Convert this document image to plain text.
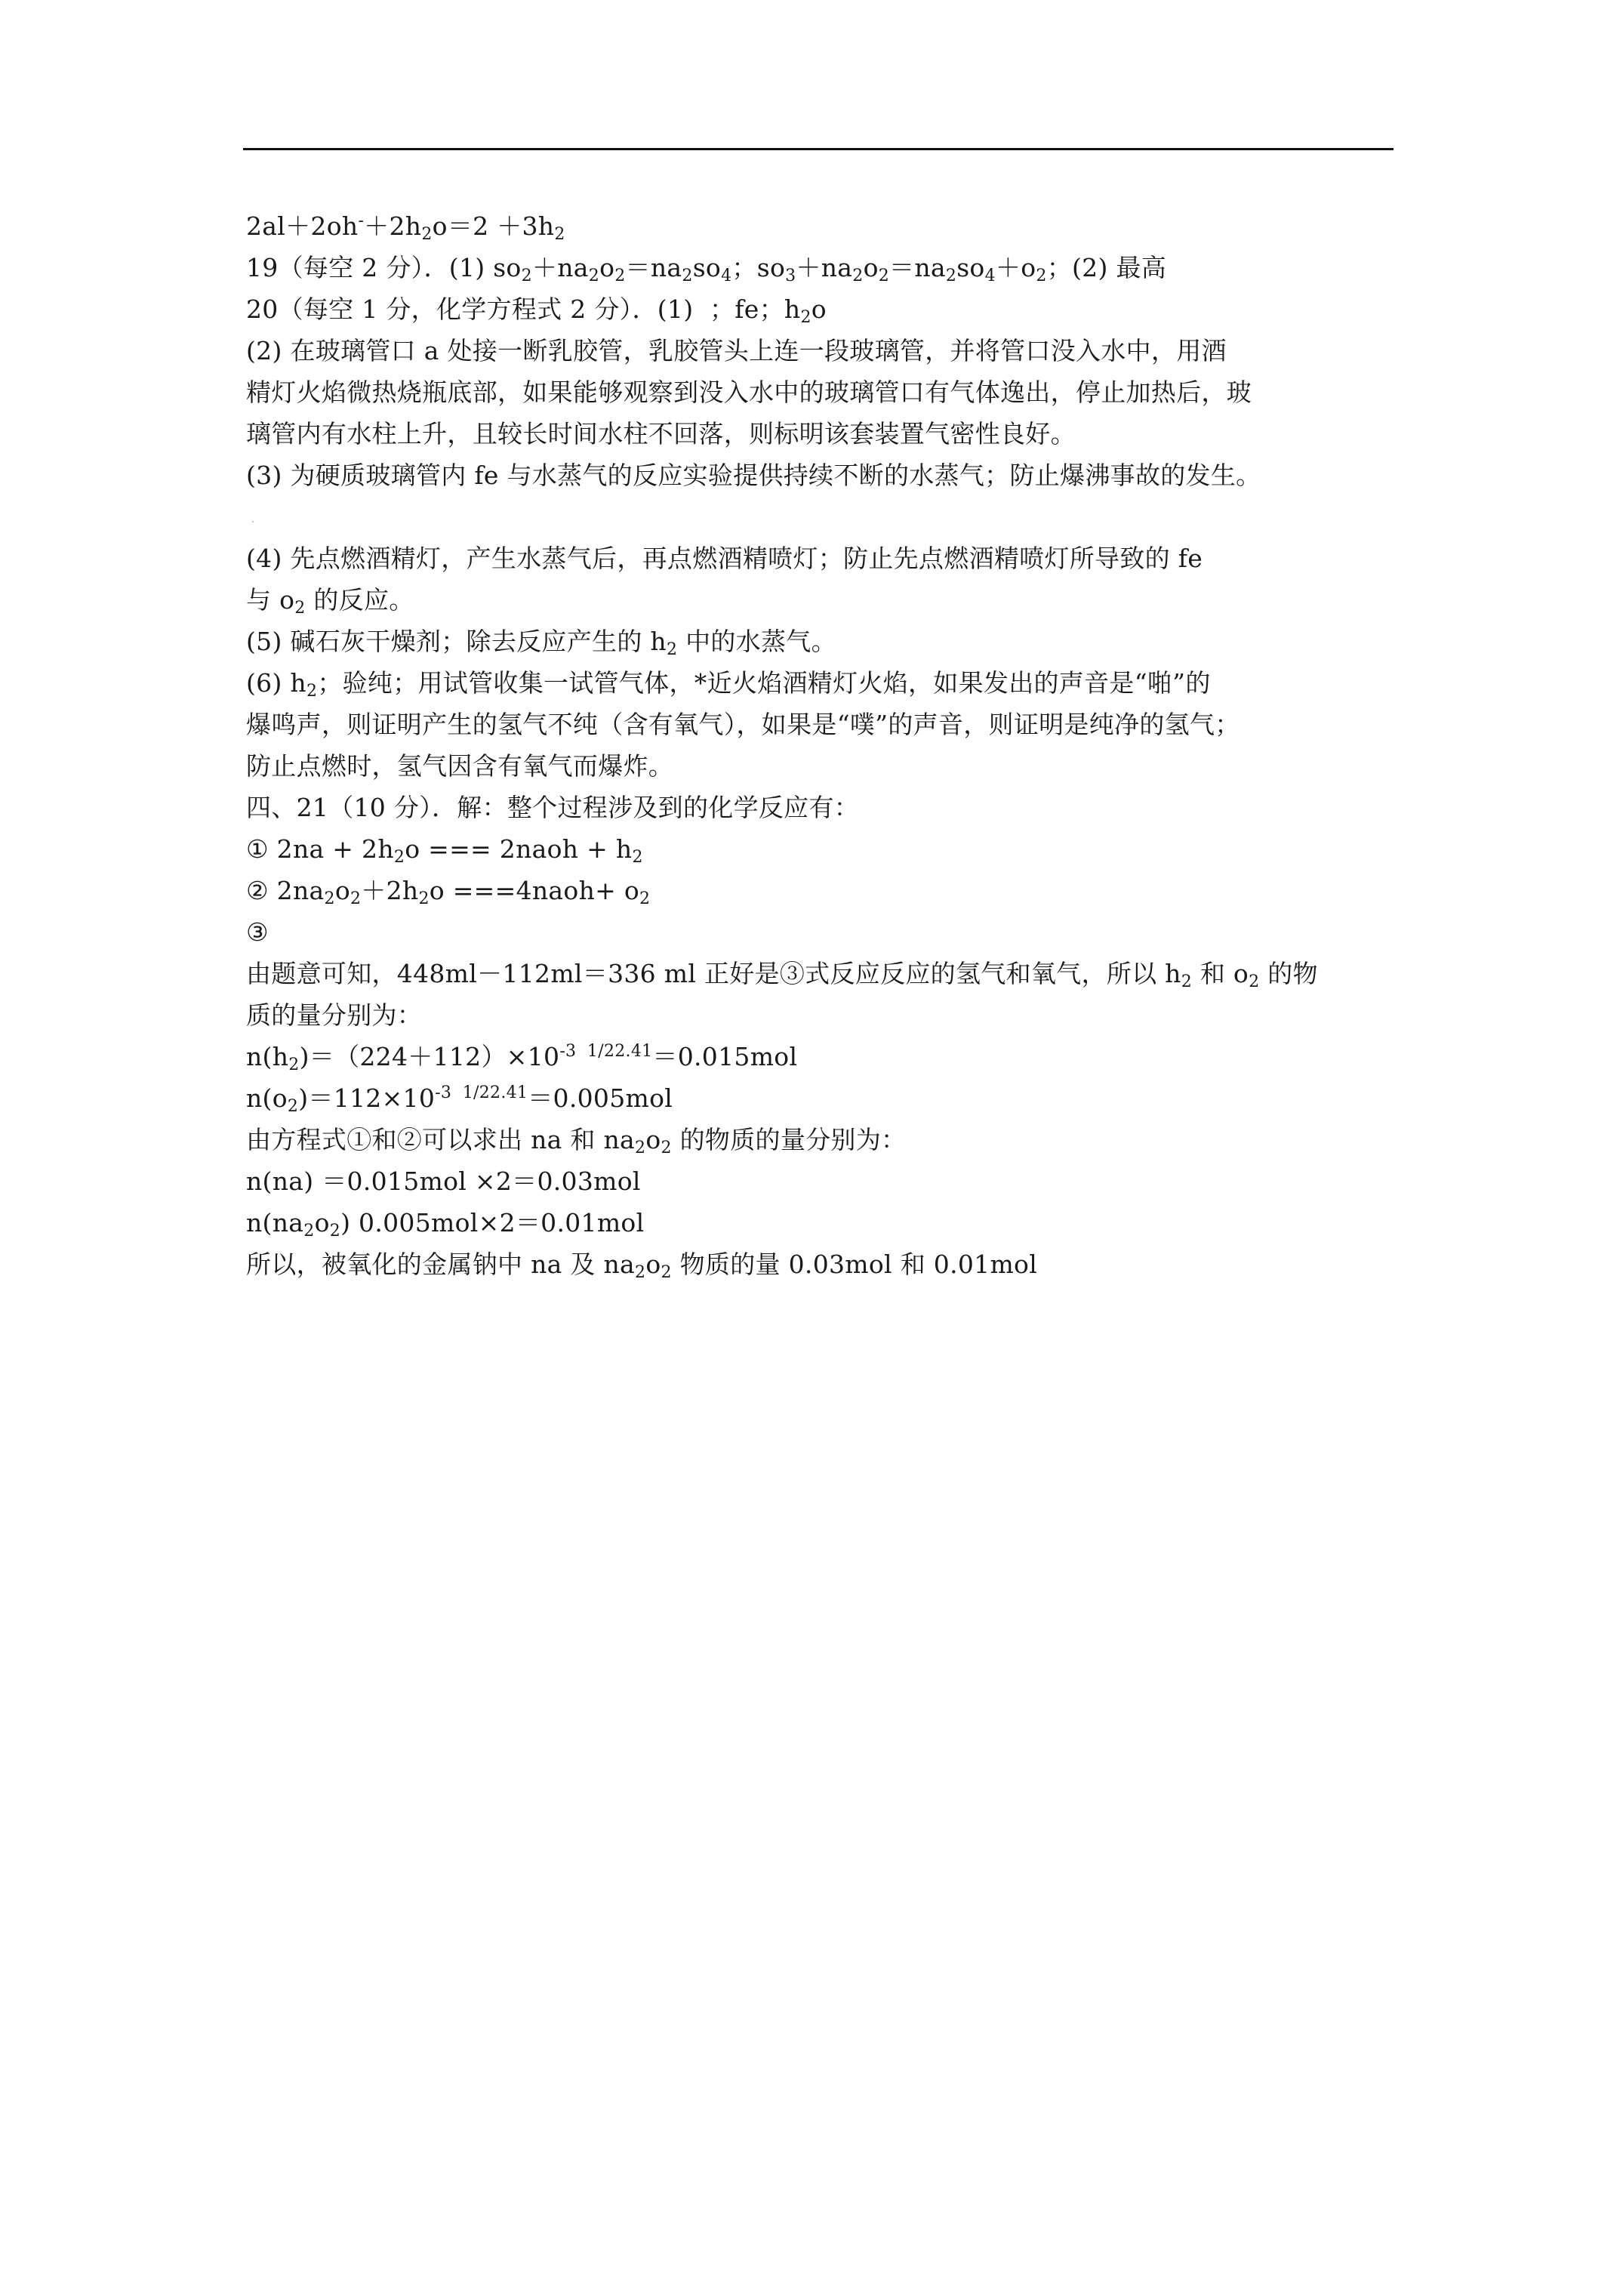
$2al+2oh^-+2h_2o=2 +3h_2$
19（每空 2 分）．(1) $so_2+na_2o_2=na_2so_4$；$so_3+na_2o_2=na_2so_4+o_2$；(2) 最高
20（每空 1 分，化学方程式 2 分）．(1)  ；fe；$h_2o$
(2) 在玻璃管口 a 处接一断乳胶管，乳胶管头上连一段玻璃管，并将管口没入水中，用酒
精灯火焰微热烧瓶底部，如果能够观察到没入水中的玻璃管口有气体逸出，停止加热后，玻
璃管内有水柱上升，且较长时间水柱不回落，则标明该套装置气密性良好。
(3) 为硬质玻璃管内 fe 与水蒸气的反应实验提供持续不断的水蒸气；防止爆沸事故的发生。
(4) 先点燃酒精灯，产生水蒸气后，再点燃酒精喷灯；防止先点燃酒精喷灯所导致的 fe
与 $o_2$ 的反应。
(5) 碱石灰干燥剂；除去反应产生的 $h_2$ 中的水蒸气。
(6) $h_2$；验纯；用试管收集一试管气体，*近火焰酒精灯火焰，如果发出的声音是“啪”的
爆鸣声，则证明产生的氢气不纯（含有氧气），如果是“噗”的声音，则证明是纯净的氢气；
防止点燃时，氢气因含有氧气而爆炸。
四、21（10 分）．解：整个过程涉及到的化学反应有：
① $2na + 2h_2o$ === 2naoh + $h_2$
② $2na_2o_2+2h_2o$ ===4naoh+ $o_2$
③
由题意可知，448ml－112ml＝336 ml 正好是③式反应反应的氢气和氧气，所以 $h_2$ 和 $o_2$ 的物
质的量分别为：
$n(h_2)=(224+112)\times 10^{-3 1/22.41}=0.015mol$
$n(o_2)=112\times 10^{-3 1/22.41}=0.005mol$
由方程式①和②可以求出 na 和 $na_2o_2$ 的物质的量分别为：
n(na) ＝0.015mol ×2＝0.03mol
$n(na_2o_2)$ 0.005mol×2＝0.01mol
所以，被氧化的金属钠中 na 及 $na_2o_2$ 物质的量 0.03mol 和 0.01mol
